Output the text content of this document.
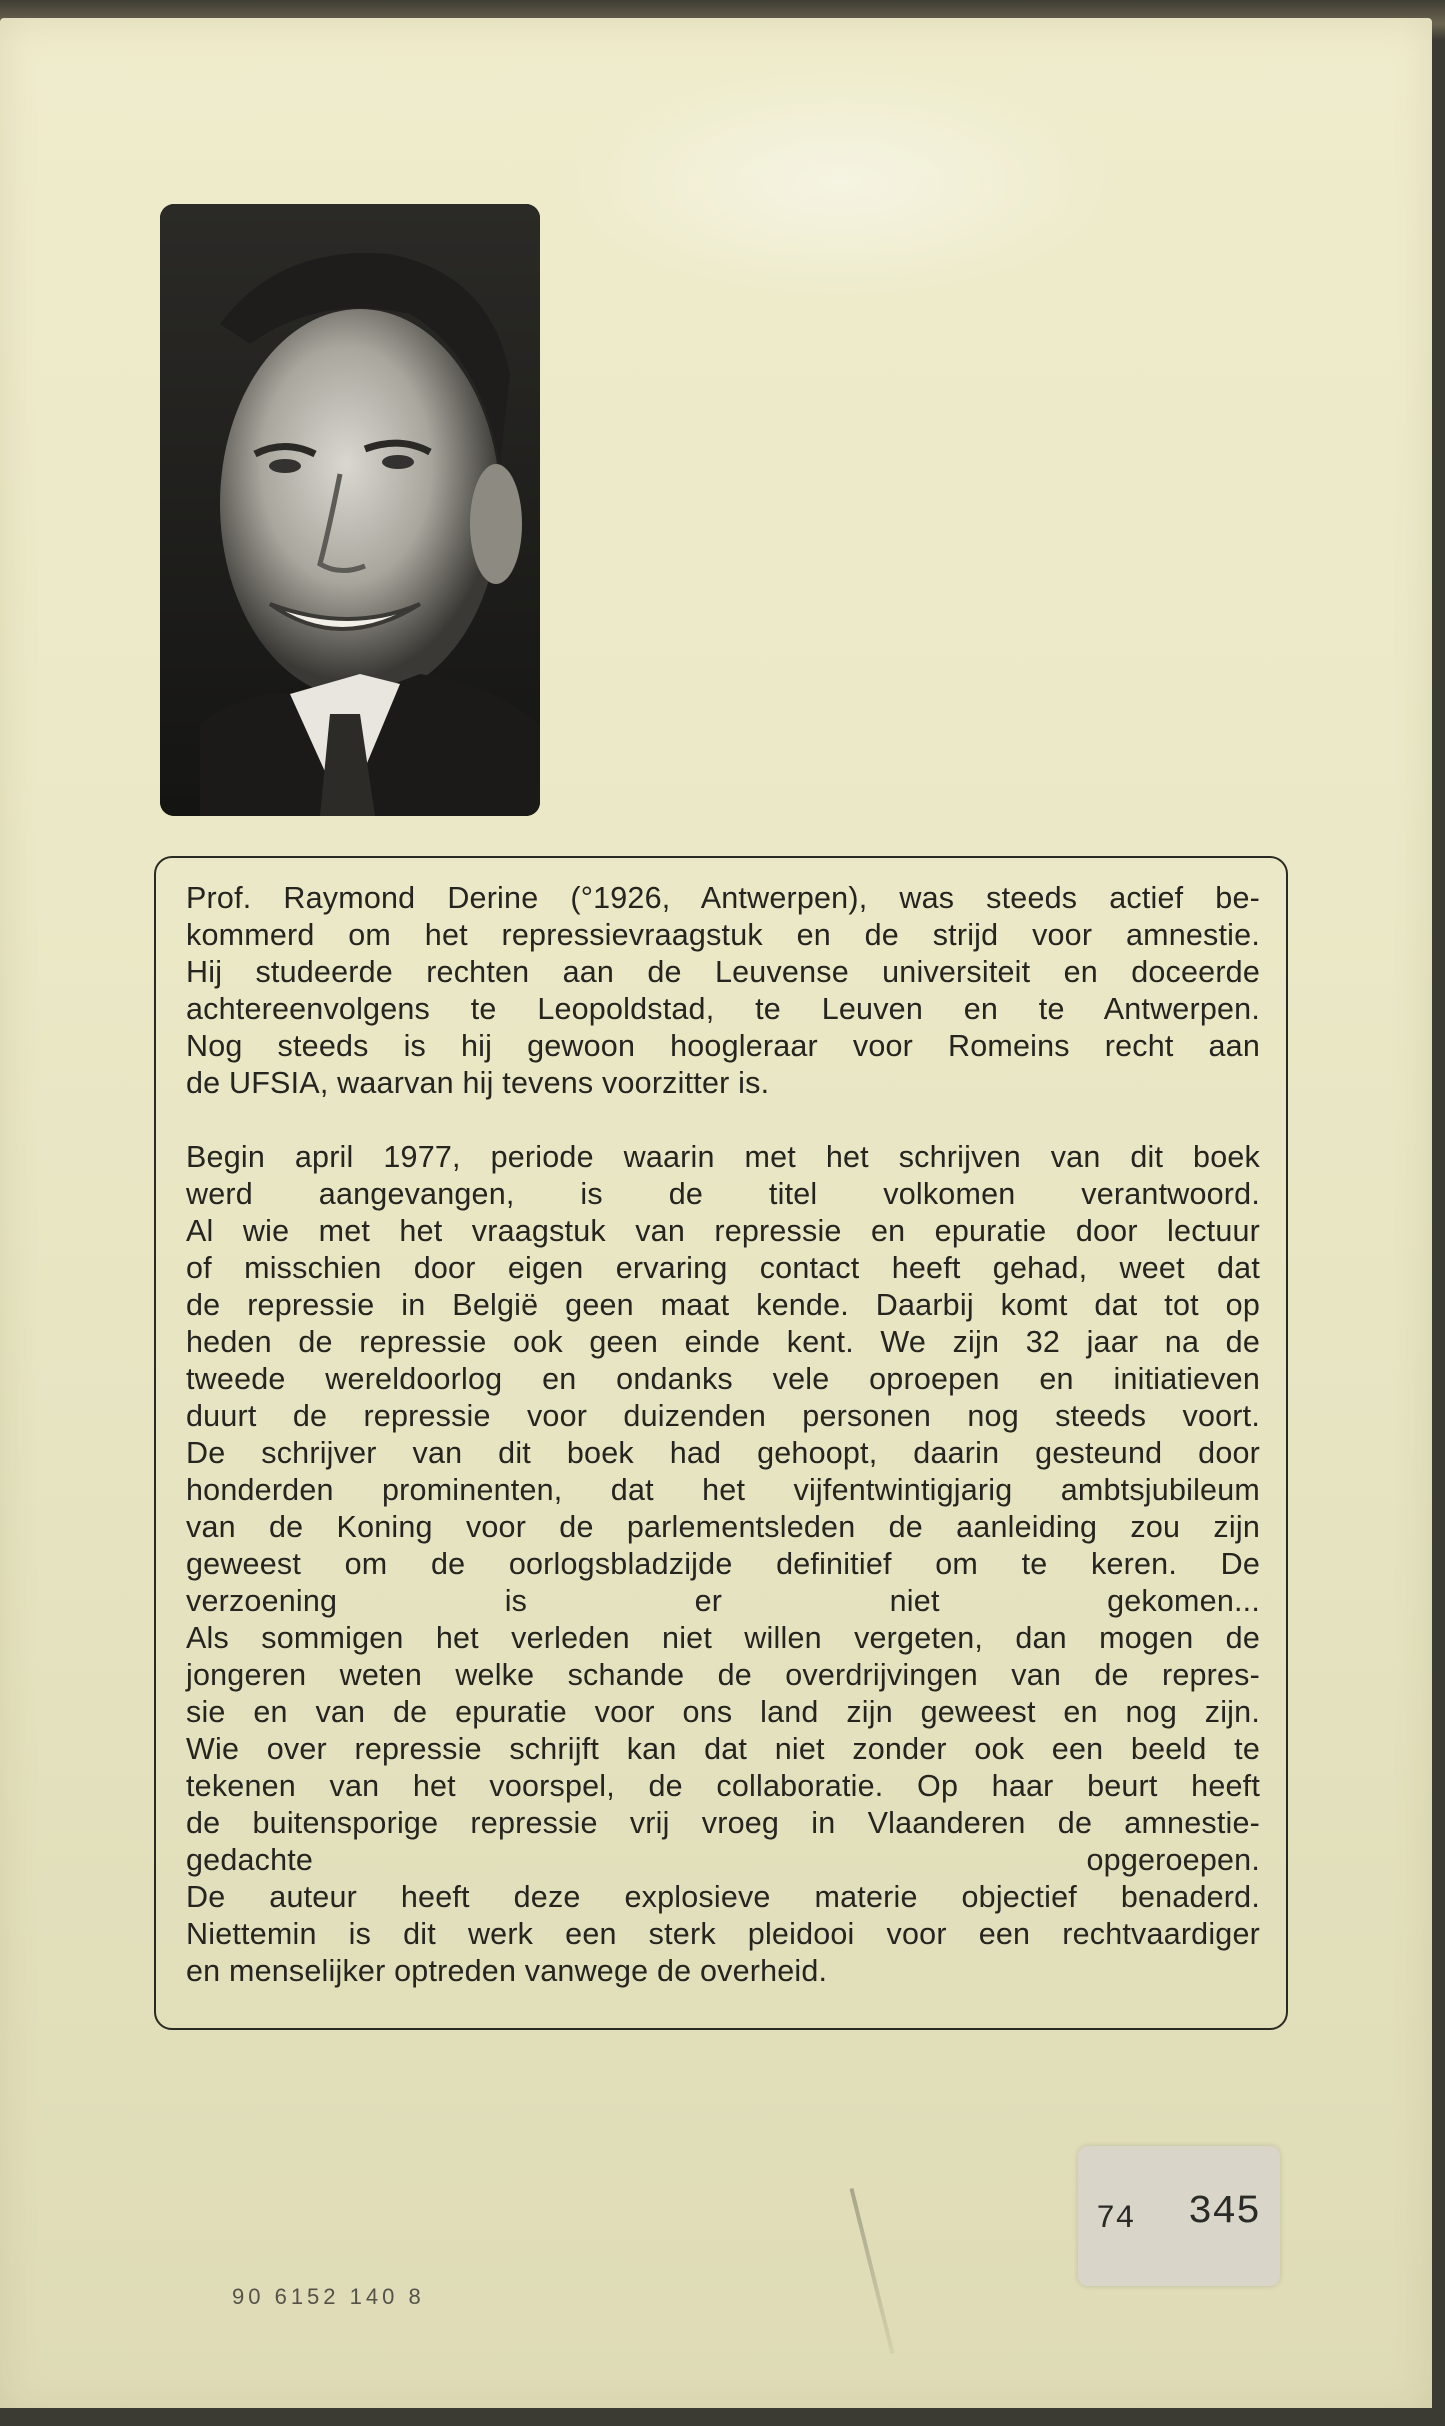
Prof. Raymond Derine (°1926, Antwerpen), was steeds actief be-
kommerd om het repressievraagstuk en de strijd voor amnestie.
Hij studeerde rechten aan de Leuvense universiteit en doceerde
achtereenvolgens te Leopoldstad, te Leuven en te Antwerpen.
Nog steeds is hij gewoon hoogleraar voor Romeins recht aan
de UFSIA, waarvan hij tevens voorzitter is.

Begin april 1977, periode waarin met het schrijven van dit boek
werd aangevangen, is de titel volkomen verantwoord.
Al wie met het vraagstuk van repressie en epuratie door lectuur
of misschien door eigen ervaring contact heeft gehad, weet dat
de repressie in België geen maat kende. Daarbij komt dat tot op
heden de repressie ook geen einde kent. We zijn 32 jaar na de
tweede wereldoorlog en ondanks vele oproepen en initiatieven
duurt de repressie voor duizenden personen nog steeds voort.
De schrijver van dit boek had gehoopt, daarin gesteund door
honderden prominenten, dat het vijfentwintigjarig ambtsjubileum
van de Koning voor de parlementsleden de aanleiding zou zijn
geweest om de oorlogsbladzijde definitief om te keren. De
verzoening is er niet gekomen...
Als sommigen het verleden niet willen vergeten, dan mogen de
jongeren weten welke schande de overdrijvingen van de repres-
sie en van de epuratie voor ons land zijn geweest en nog zijn.
Wie over repressie schrijft kan dat niet zonder ook een beeld te
tekenen van het voorspel, de collaboratie. Op haar beurt heeft
de buitensporige repressie vrij vroeg in Vlaanderen de amnestie-
gedachte opgeroepen.
De auteur heeft deze explosieve materie objectief benaderd.
Niettemin is dit werk een sterk pleidooi voor een rechtvaardiger
en menselijker optreden vanwege de overheid.

74 345
90 6152 140 8
